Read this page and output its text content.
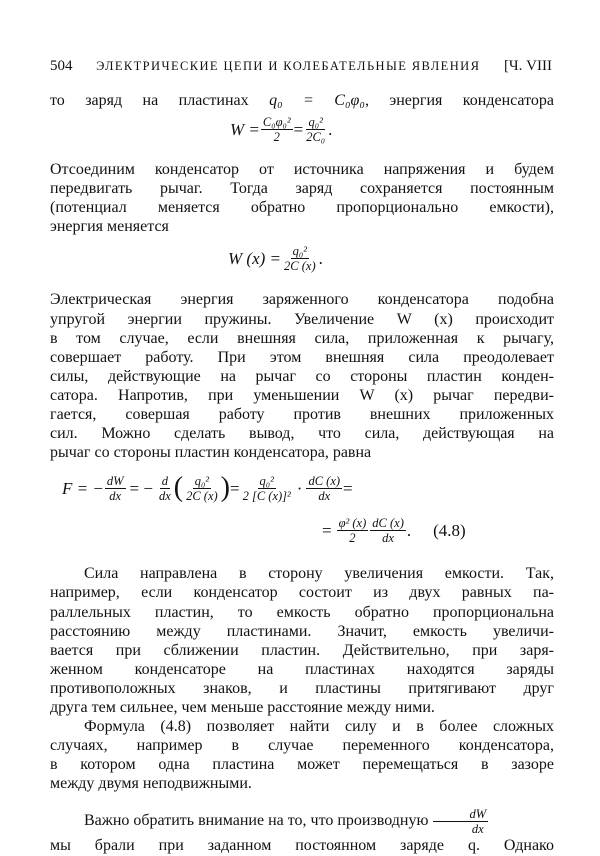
504 ЭЛЕКТРИЧЕСКИЕ ЦЕПИ И КОЛЕБАТЕЛЬНЫЕ ЯВЛЕНИЯ [Ч. VIII

то заряд на пластинах q₀ = C₀φ₀, энергия конденсатора

$W = \frac{\text{C₀φ₀²}}{2} = \frac{\text{q₀²}}{\text{2C₀}}$ .

Отсоединим конденсатор от источника напряжения и будем
передвигать рычаг. Тогда заряд сохраняется постоянным
(потенциал меняется обратно пропорционально емкости),
энергия меняется

W $(x) = \frac{\text{q₀²}}{2C (x)}$ .

Электрическая энергия заряженного конденсатора подобна
упругой энергии пружины. Увеличение W (x) происходит
в том случае, если внешняя сила, приложенная к рычагу,
совершает работу. При этом внешняя сила преодолевает
силы, действующие на рычаг со стороны пластин конден-
сатора. Напротив, при уменьшении W (x) рычаг передви-
гается, совершая работу против внешних приложенных
сил. Можно сделать вывод, что сила, действующая на
рычаг со стороны пластин конденсатора, равна

F = − $\frac{dW}{dx}$ = − $\frac{d}{dx}$ ( $\frac{\text{q₀²}}{2C (x)}$ ) = $\frac{\text{q₀²}}{\text{2 [C (x)]²}} \cdot \frac{dC (x)}{dx}$ =
= $\frac{\text{φ² (x)}}{2} \frac{dC (x)}{dx}$ . (4.8)

Сила направлена в сторону увеличения емкости. Так,
например, если конденсатор состоит из двух равных па-
раллельных пластин, то емкость обратно пропорциональна
расстоянию между пластинами. Значит, емкость увеличи-
вается при сближении пластин. Действительно, при заря-
женном конденсаторе на пластинах находятся заряды
противоположных знаков, и пластины притягивают друг
друга тем сильнее, чем меньше расстояние между ними.

Формула (4.8) позволяет найти силу и в более сложных
случаях, например в случае переменного конденсатора,
в котором одна пластина может перемещаться в зазоре
между двумя неподвижными.

Важно обратить внимание на то, что производную $\frac{dW}{dx}$
мы брали при заданном постоянном заряде q. Однако
